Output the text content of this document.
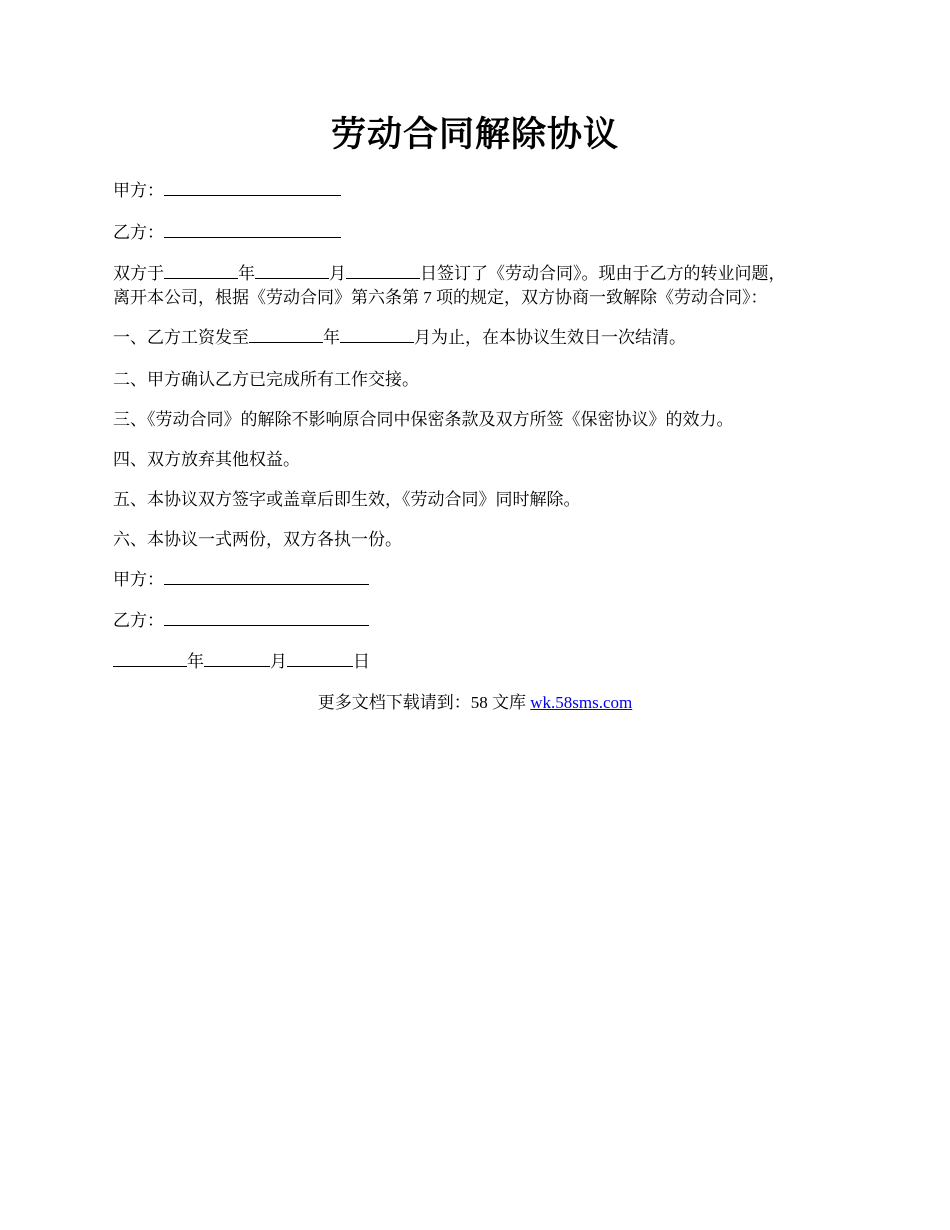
劳动合同解除协议
甲方：
乙方：
双方于	年	月	日签订了《劳动合同》。现由于乙方的转业问题，
离开本公司，根据《劳动合同》第六条第 7 项的规定，双方协商一致解除《劳动合同》：
一、乙方工资发至	年	月为止，在本协议生效日一次结清。
二、甲方确认乙方已完成所有工作交接。
三、《劳动合同》的解除不影响原合同中保密条款及双方所签《保密协议》的效力。
四、双方放弃其他权益。
五、本协议双方签字或盖章后即生效，《劳动合同》同时解除。
六、本协议一式两份，双方各执一份。
甲方：
乙方：
年	月	日
更多文档下载请到：58 文库 wk.58sms.com
